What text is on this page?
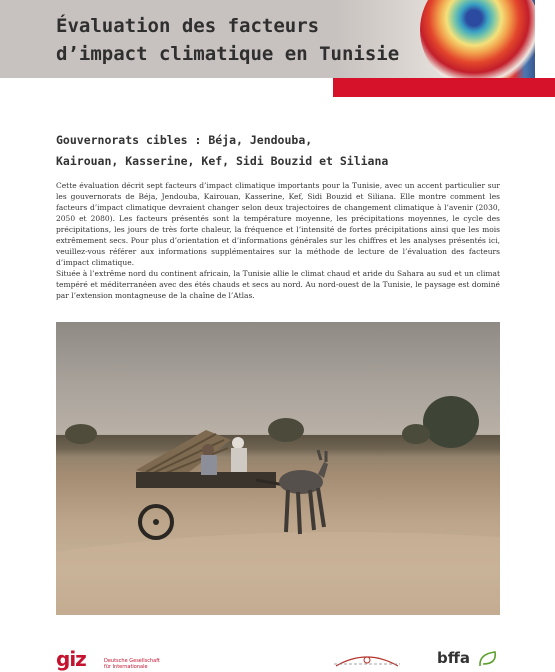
Évaluation des facteurs
d’impact climatique en Tunisie
Gouvernorats cibles : Béja, Jendouba,
Kairouan, Kasserine, Kef, Sidi Bouzid et Siliana

Cette évaluation décrit sept facteurs d’impact climatique importants pour la Tunisie, avec un accent particulier sur les gouvernorats de Béja, Jendouba, Kairouan, Kasserine, Kef, Sidi Bouzid et Siliana. Elle montre comment les facteurs d’impact climatique devraient changer selon deux trajectoires de changement climatique à l’avenir (2030, 2050 et 2080). Les facteurs présentés sont la température moyenne, les précipitations moyennes, le cycle des précipitations, les jours de très forte chaleur, la fréquence et l’intensité de fortes précipitations ainsi que les mois extrêmement secs. Pour plus d’orientation et d’informations générales sur les chiffres et les analyses présentés ici, veuillez-vous référer aux informations supplémentaires sur la méthode de lecture de l’évaluation des facteurs d’impact climatique.

Située à l’extrême nord du continent africain, la Tunisie allie le climat chaud et aride du Sahara au sud et un climat tempéré et méditerranéen avec des étés chauds et secs au nord. Au nord-ouest de la Tunisie, le paysage est dominé par l’extension montagneuse de la chaîne de l’Atlas.

giz	Deutsche Gesellschaft
für Internationale	bffa
